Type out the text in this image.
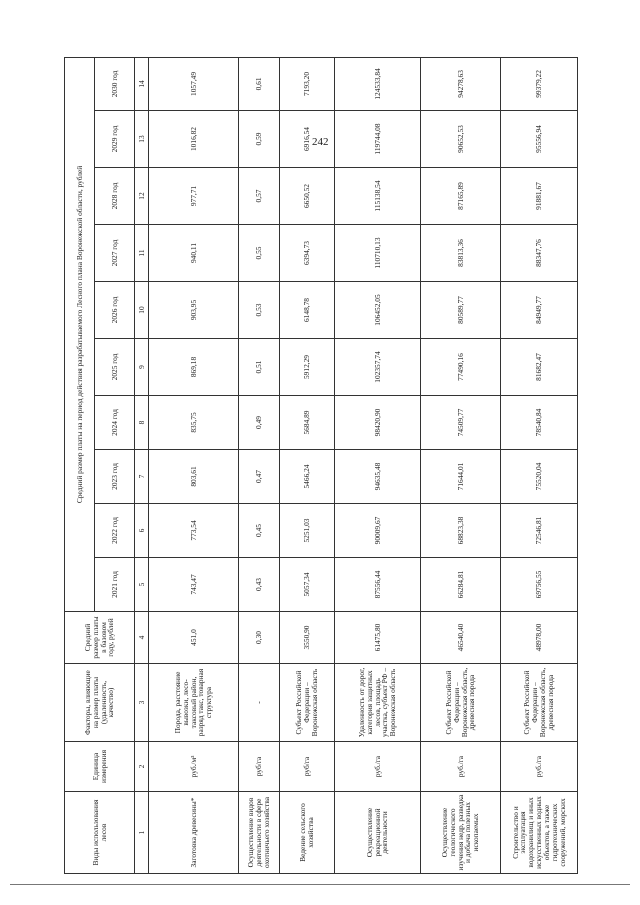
242
Виды использования лесов	Единица измерения	Факторы, влияющие на размер платы (удаленность, качество)	Средний размер платы в базовом году, рублей	Средний размер платы на период действия разрабатываемого Лесного плана Воронежской области, рублей									
				2021 год	2022 год	2023 год	2024 год	2025 год	2026 год	2027 год	2028 год	2029 год	2030 год
1	2	3	4	5	6	7	8	9	10	11	12	13	14
Заготовка древесины*	руб./м³	Порода, расстояние вывозки, лесо-таксовый район, разряд такс, товарная структура	451,0	743,47	773,54	803,61	835,75	869,18	903,95	940,11	977,71	1016,82	1057,49
Осуществление видов деятельности в сфере охотничьего хозяйства	руб/га	-	0,30	0,43	0,45	0,47	0,49	0,51	0,53	0,55	0,57	0,59	0,61
Ведение сельского хозяйства	руб/га	Субъект Российской Федерации – Воронежская область	3550,90	5057,34	5251,03	5466,24	5684,89	5912,29	6148,78	6394,73	6650,52	6916,54	7193,20
Осуществление рекреационной деятельности	руб./га	Удаленность от дорог, категория защитных лесов, площадь участка, субъект РФ – Воронежская область	61475,80	87556,44	90009,67	94635,48	98420,90	102357,74	106452,05	110710,13	115138,54	119744,08	124533,84
Осуществление геологического изучения недр, разведка и добыча полезных ископаемых	руб./га	Субъект Российской Федерации – Воронежская область, древесная порода	46540,40	66284,81	68823,38	71644,01	74509,77	77490,16	80589,77	83813,36	87165,89	90652,53	94278,63
Строительство и эксплуатация водохранилищ и иных искусственных водных объектов, а также гидротехнических сооружений, морских	руб./га	Субъект Российской Федерации – Воронежская область, древесная порода	48978,00	69756,55	72546,81	75520,04	78540,84	81682,47	84949,77	88347,76	91881,67	95556,94	99379,22
